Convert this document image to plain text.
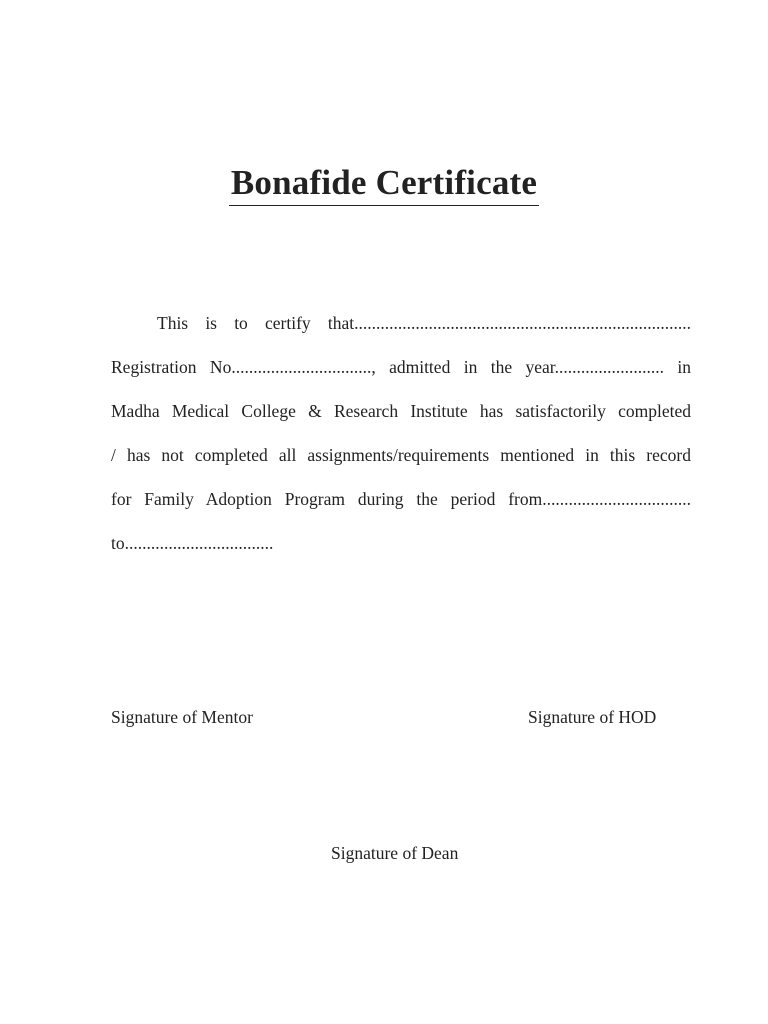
Bonafide Certificate

This is to certify that.............................................................................

Registration No................................, admitted in the year......................... in

Madha Medical College & Research Institute has satisfactorily completed

/ has not completed all assignments/requirements mentioned in this record

for Family Adoption Program during the period from..................................

to..................................

Signature of Mentor	Signature of HOD

Signature of Dean
